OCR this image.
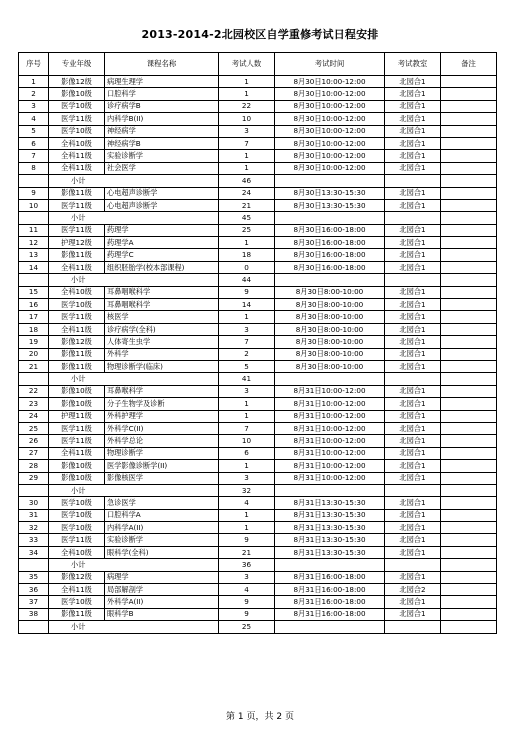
2013-2014-2北园校区自学重修考试日程安排
序号	专业年级	课程名称	考试人数	考试时间	考试教室	备注
1	影像12级	病理生理学	1	8月30日10:00-12:00	北园合1	
2	影像10级	口腔科学	1	8月30日10:00-12:00	北园合1	
3	医学10级	诊疗病学B	22	8月30日10:00-12:00	北园合1	
4	医学11级	内科学B(II)	10	8月30日10:00-12:00	北园合1	
5	医学10级	神经病学	3	8月30日10:00-12:00	北园合1	
6	全科10级	神经病学B	7	8月30日10:00-12:00	北园合1	
7	全科11级	实验诊断学	1	8月30日10:00-12:00	北园合1	
8	全科11级	社会医学	1	8月30日10:00-12:00	北园合1	
	小计		46			
9	影像11级	心电超声诊断学	24	8月30日13:30-15:30	北园合1	
10	医学11级	心电超声诊断学	21	8月30日13:30-15:30	北园合1	
	小计		45			
11	医学11级	药理学	25	8月30日16:00-18:00	北园合1	
12	护理12级	药理学A	1	8月30日16:00-18:00	北园合1	
13	影像11级	药理学C	18	8月30日16:00-18:00	北园合1	
14	全科11级	组织胚胎学(校本部课程)	0	8月30日16:00-18:00	北园合1	
	小计		44			
15	全科10级	耳鼻咽喉科学	9	8月30日8:00-10:00	北园合1	
16	医学10级	耳鼻咽喉科学	14	8月30日8:00-10:00	北园合1	
17	医学11级	核医学	1	8月30日8:00-10:00	北园合1	
18	全科11级	诊疗病学(全科)	3	8月30日8:00-10:00	北园合1	
19	影像12级	人体寄生虫学	7	8月30日8:00-10:00	北园合1	
20	影像11级	外科学	2	8月30日8:00-10:00	北园合1	
21	影像11级	物理诊断学(临床)	5	8月30日8:00-10:00	北园合1	
	小计		41			
22	影像10级	耳鼻喉科学	3	8月31日10:00-12:00	北园合1	
23	影像10级	分子生物学及诊断	1	8月31日10:00-12:00	北园合1	
24	护理11级	外科护理学	1	8月31日10:00-12:00	北园合1	
25	医学11级	外科学C(II)	7	8月31日10:00-12:00	北园合1	
26	医学11级	外科学总论	10	8月31日10:00-12:00	北园合1	
27	全科11级	物理诊断学	6	8月31日10:00-12:00	北园合1	
28	影像10级	医学影像诊断学(II)	1	8月31日10:00-12:00	北园合1	
29	影像10级	影像核医学	3	8月31日10:00-12:00	北园合1	
	小计		32			
30	医学10级	急诊医学	4	8月31日13:30-15:30	北园合1	
31	医学10级	口腔科学A	1	8月31日13:30-15:30	北园合1	
32	医学10级	内科学A(II)	1	8月31日13:30-15:30	北园合1	
33	医学11级	实验诊断学	9	8月31日13:30-15:30	北园合1	
34	全科10级	眼科学(全科)	21	8月31日13:30-15:30	北园合1	
	小计		36			
35	影像12级	病理学	3	8月31日16:00-18:00	北园合1	
36	全科11级	局部解剖学	4	8月31日16:00-18:00	北园合2	
37	医学10级	外科学A(II)	9	8月31日16:00-18:00	北园合1	
38	影像11级	眼科学B	9	8月31日16:00-18:00	北园合1	
	小计		25			
第 1 页，共 2 页
